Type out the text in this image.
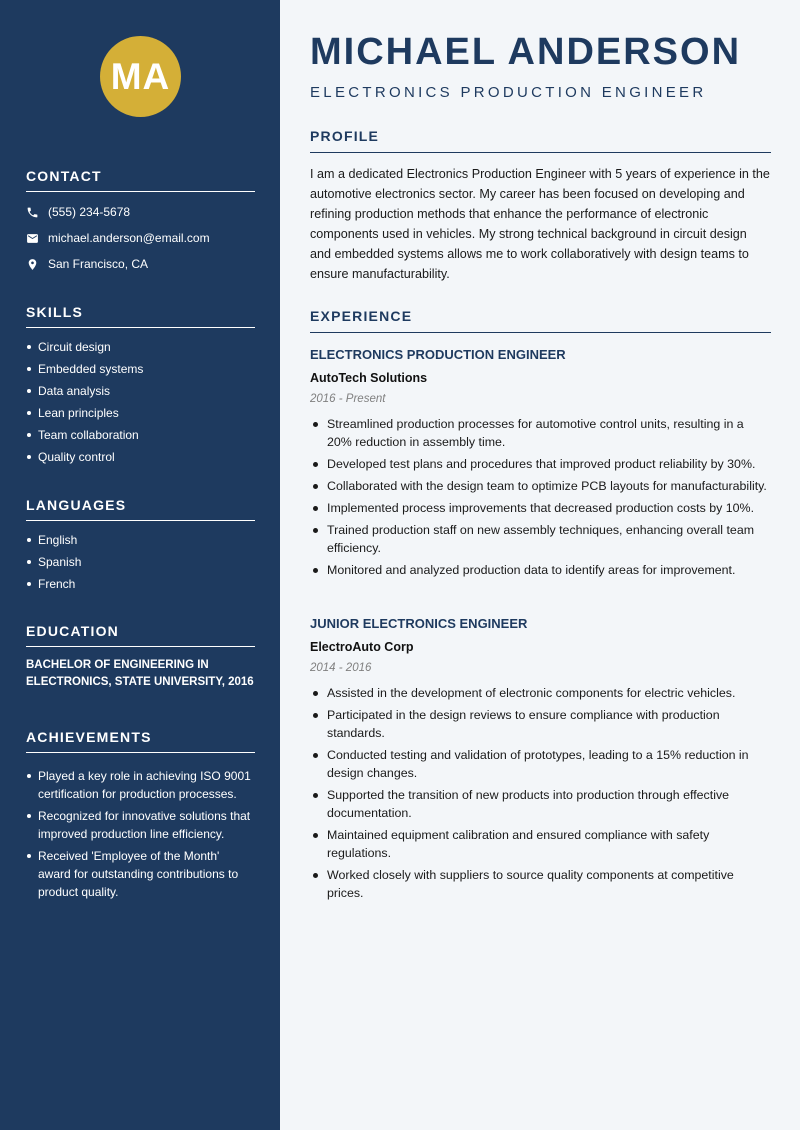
MA
CONTACT
(555) 234-5678
michael.anderson@email.com
San Francisco, CA
SKILLS
Circuit design
Embedded systems
Data analysis
Lean principles
Team collaboration
Quality control
LANGUAGES
English
Spanish
French
EDUCATION
BACHELOR OF ENGINEERING IN ELECTRONICS, STATE UNIVERSITY, 2016
ACHIEVEMENTS
Played a key role in achieving ISO 9001 certification for production processes.
Recognized for innovative solutions that improved production line efficiency.
Received 'Employee of the Month' award for outstanding contributions to product quality.
MICHAEL ANDERSON
ELECTRONICS PRODUCTION ENGINEER
PROFILE
I am a dedicated Electronics Production Engineer with 5 years of experience in the automotive electronics sector. My career has been focused on developing and refining production methods that enhance the performance of electronic components used in vehicles. My strong technical background in circuit design and embedded systems allows me to work collaboratively with design teams to ensure manufacturability.
EXPERIENCE
ELECTRONICS PRODUCTION ENGINEER
AutoTech Solutions
2016 - Present
Streamlined production processes for automotive control units, resulting in a 20% reduction in assembly time.
Developed test plans and procedures that improved product reliability by 30%.
Collaborated with the design team to optimize PCB layouts for manufacturability.
Implemented process improvements that decreased production costs by 10%.
Trained production staff on new assembly techniques, enhancing overall team efficiency.
Monitored and analyzed production data to identify areas for improvement.
JUNIOR ELECTRONICS ENGINEER
ElectroAuto Corp
2014 - 2016
Assisted in the development of electronic components for electric vehicles.
Participated in the design reviews to ensure compliance with production standards.
Conducted testing and validation of prototypes, leading to a 15% reduction in design changes.
Supported the transition of new products into production through effective documentation.
Maintained equipment calibration and ensured compliance with safety regulations.
Worked closely with suppliers to source quality components at competitive prices.
